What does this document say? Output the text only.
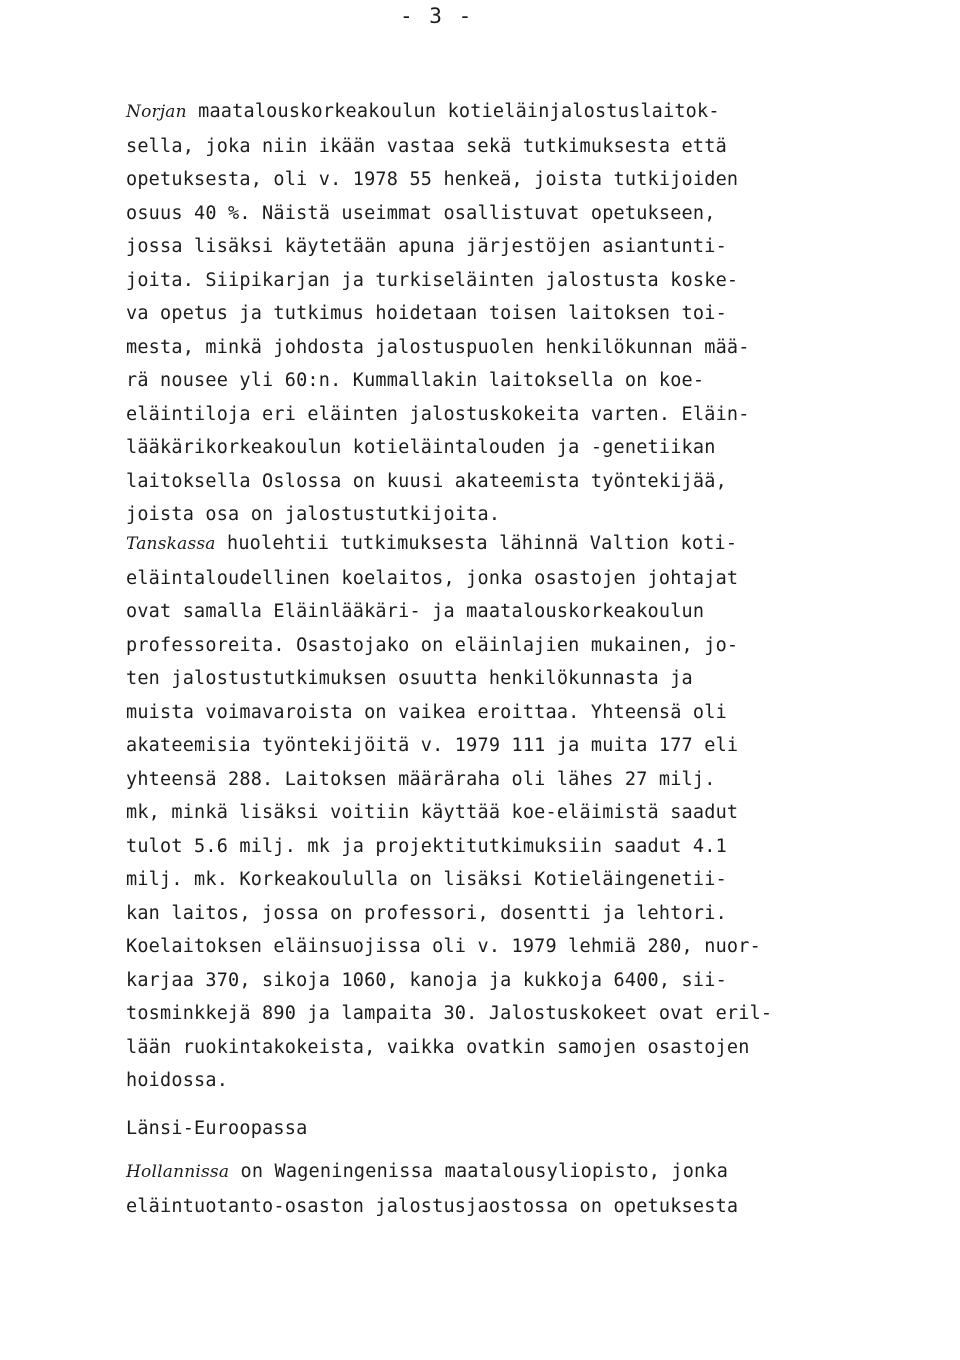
- 3 -
Norjan maatalouskorkeakoulun kotieläinjalostuslaitok-
sella, joka niin ikään vastaa sekä tutkimuksesta että
opetuksesta, oli v. 1978 55 henkeä, joista tutkijoiden
osuus 40 %. Näistä useimmat osallistuvat opetukseen,
jossa lisäksi käytetään apuna järjestöjen asiantunti-
joita. Siipikarjan ja turkiseläinten jalostusta koske-
va opetus ja tutkimus hoidetaan toisen laitoksen toi-
mesta, minkä johdosta jalostuspuolen henkilökunnan mää-
rä nousee yli 60:n. Kummallakin laitoksella on koe-
eläintiloja eri eläinten jalostuskokeita varten. Eläin-
lääkärikorkeakoulun kotieläintalouden ja -genetiikan
laitoksella Oslossa on kuusi akateemista työntekijää,
joista osa on jalostustutkijoita.
Tanskassa huolehtii tutkimuksesta lähinnä Valtion koti-
eläintaloudellinen koelaitos, jonka osastojen johtajat
ovat samalla Eläinlääkäri- ja maatalouskorkeakoulun
professoreita. Osastojako on eläinlajien mukainen, jo-
ten jalostustutkimuksen osuutta henkilökunnasta ja
muista voimavaroista on vaikea eroittaa. Yhteensä oli
akateemisia työntekijöitä v. 1979 111 ja muita 177 eli
yhteensä 288. Laitoksen määräraha oli lähes 27 milj.
mk, minkä lisäksi voitiin käyttää koe-eläimistä saadut
tulot 5.6 milj. mk ja projektitutkimuksiin saadut 4.1
milj. mk. Korkeakoululla on lisäksi Kotieläingenetii-
kan laitos, jossa on professori, dosentti ja lehtori.
Koelaitoksen eläinsuojissa oli v. 1979 lehmiä 280, nuor-
karjaa 370, sikoja 1060, kanoja ja kukkoja 6400, sii-
tosminkkejä 890 ja lampaita 30. Jalostuskokeet ovat eril-
lään ruokintakokeista, vaikka ovatkin samojen osastojen
hoidossa.
Länsi-Euroopassa
Hollannissa on Wageningenissa maatalousyliopisto, jonka
eläintuotanto-osaston jalostusjaostossa on opetuksesta
